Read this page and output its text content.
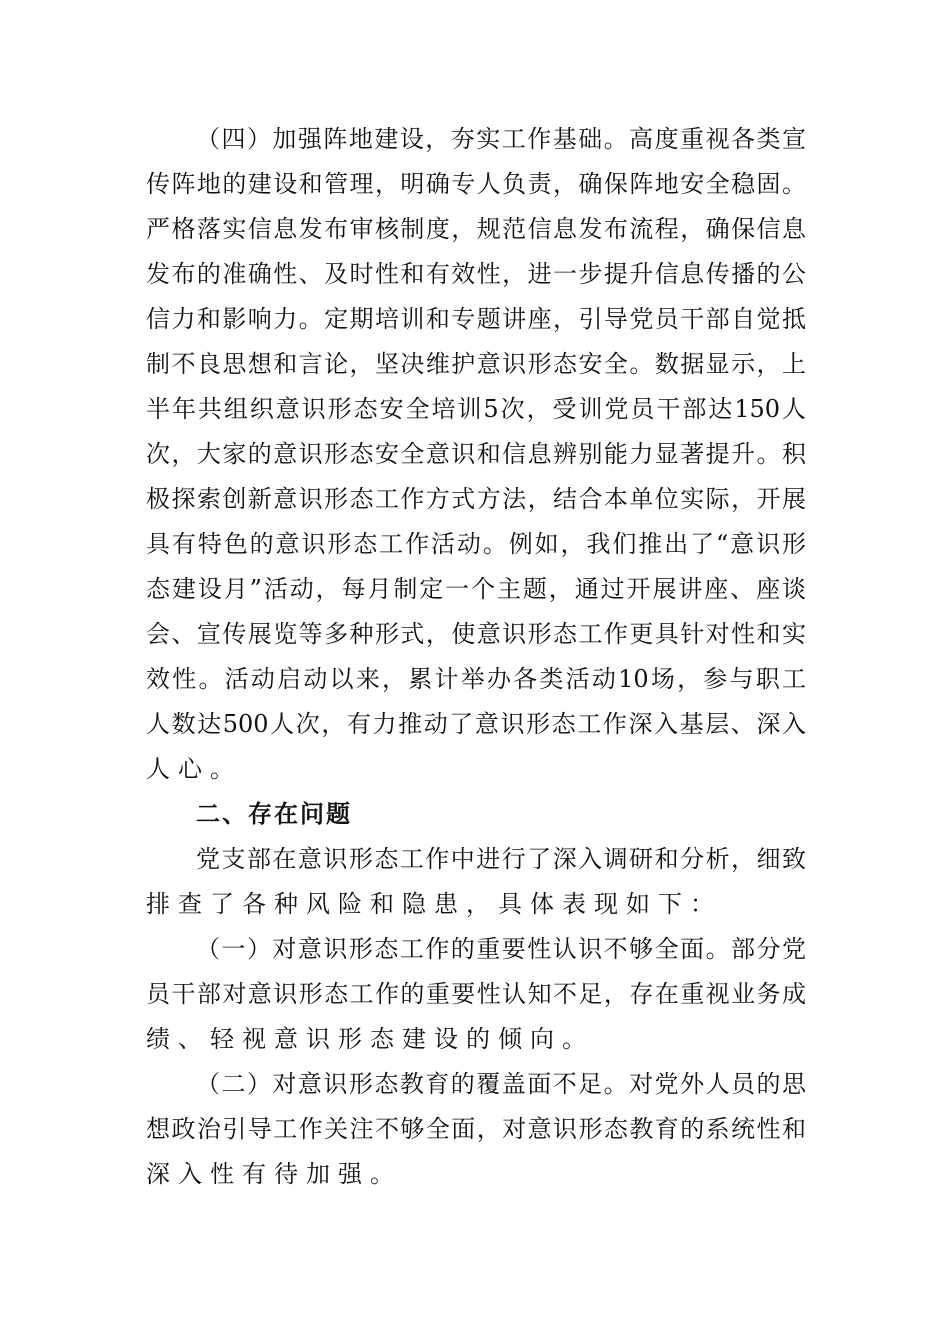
（四）加强阵地建设，夯实工作基础。高度重视各类宣
传阵地的建设和管理，明确专人负责，确保阵地安全稳固。
严格落实信息发布审核制度，规范信息发布流程，确保信息
发布的准确性、及时性和有效性，进一步提升信息传播的公
信力和影响力。定期培训和专题讲座，引导党员干部自觉抵
制不良思想和言论，坚决维护意识形态安全。数据显示，上
半年共组织意识形态安全培训5次，受训党员干部达150人
次，大家的意识形态安全意识和信息辨别能力显著提升。积
极探索创新意识形态工作方式方法，结合本单位实际，开展
具有特色的意识形态工作活动。例如，我们推出了“意识形
态建设月”活动，每月制定一个主题，通过开展讲座、座谈
会、宣传展览等多种形式，使意识形态工作更具针对性和实
效性。活动启动以来，累计举办各类活动10场，参与职工
人数达500人次，有力推动了意识形态工作深入基层、深入
人心。
二、存在问题
党支部在意识形态工作中进行了深入调研和分析，细致
排查了各种风险和隐患，具体表现如下：
（一）对意识形态工作的重要性认识不够全面。部分党
员干部对意识形态工作的重要性认知不足，存在重视业务成
绩、轻视意识形态建设的倾向。
（二）对意识形态教育的覆盖面不足。对党外人员的思
想政治引导工作关注不够全面，对意识形态教育的系统性和
深入性有待加强。
